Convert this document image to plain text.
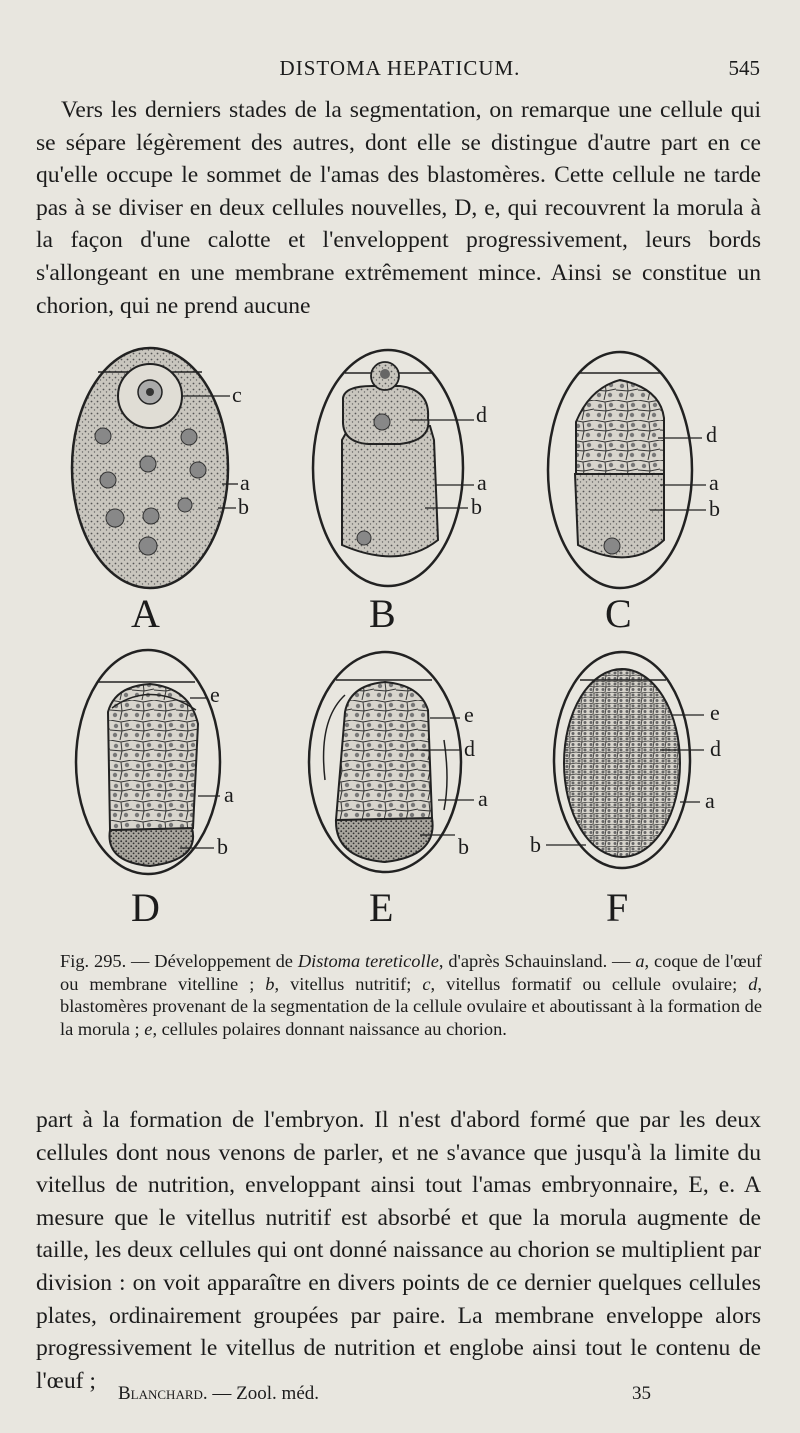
DISTOMA HEPATICUM.	545

Vers les derniers stades de la segmentation, on remarque une cellule qui se sépare légèrement des autres, dont elle se distingue d'autre part en ce qu'elle occupe le sommet de l'amas des blastomères. Cette cellule ne tarde pas à se diviser en deux cellules nouvelles, D, e, qui recouvrent la morula à la façon d'une calotte et l'enveloppent progressivement, leurs bords s'allongeant en une membrane extrêmement mince. Ainsi se constitue un chorion, qui ne prend aucune

A	B	C
D	E	F
c
a
b
d
a
b
d
a
b
e
a
b
e
d
a
b
e
d
a
b
Fig. 295. — Développement de Distoma tereticolle, d'après Schauinsland. — a, coque de l'œuf ou membrane vitelline ; b, vitellus nutritif; c, vitellus formatif ou cellule ovulaire; d, blastomères provenant de la segmentation de la cellule ovulaire et aboutissant à la formation de la morula ; e, cellules polaires donnant naissance au chorion.

part à la formation de l'embryon. Il n'est d'abord formé que par les deux cellules dont nous venons de parler, et ne s'avance que jusqu'à la limite du vitellus de nutrition, enveloppant ainsi tout l'amas embryonnaire, E, e. A mesure que le vitellus nutritif est absorbé et que la morula augmente de taille, les deux cellules qui ont donné naissance au chorion se multiplient par division : on voit apparaître en divers points de ce dernier quelques cellules plates, ordinairement groupées par paire. La membrane enveloppe alors progressivement le vitellus de nutrition et englobe ainsi tout le contenu de l'œuf ;	Blanchard. — Zool. méd.	35
